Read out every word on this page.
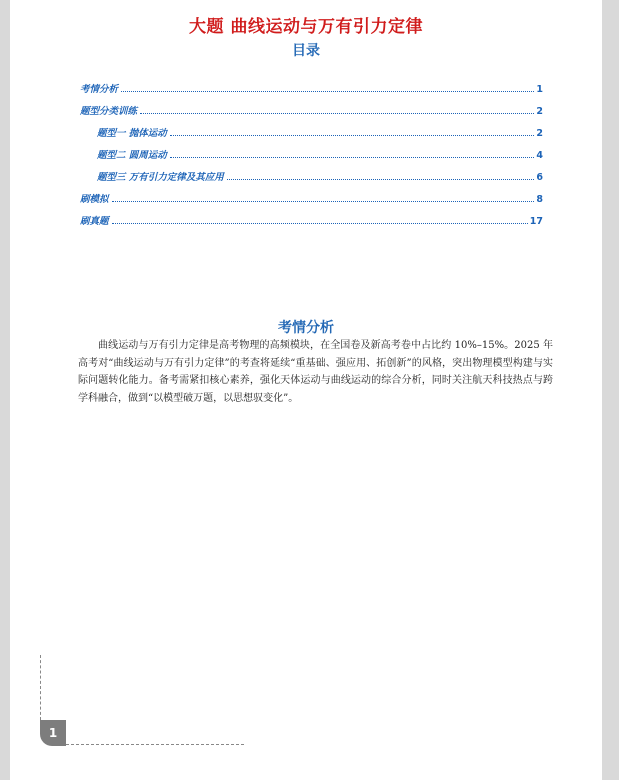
大题 曲线运动与万有引力定律
目录
考情分析	1
题型分类训练	2
题型一 抛体运动	2
题型二 圆周运动	4
题型三 万有引力定律及其应用	6
刷模拟	8
刷真题	17
考情分析

曲线运动与万有引力定律是高考物理的高频模块，在全国卷及新高考卷中占比约 10%–15%。2025 年高考对“曲线运动与万有引力定律”的考查将延续“重基础、强应用、拓创新”的风格，突出物理模型构建与实际问题转化能力。备考需紧扣核心素养，强化天体运动与曲线运动的综合分析，同时关注航天科技热点与跨学科融合，做到“以模型破万题，以思想驭变化”。

1
